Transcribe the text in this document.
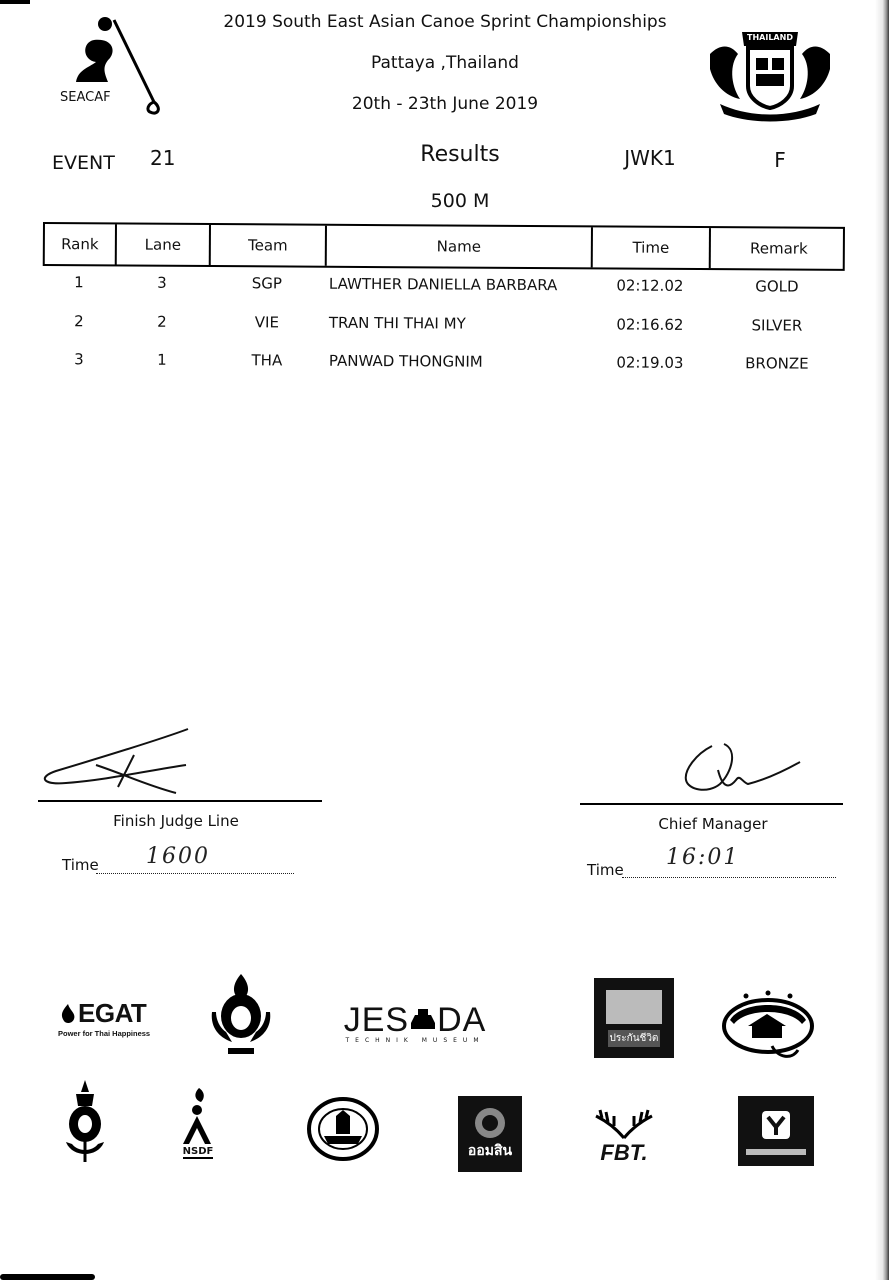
SEACAF
2019 South East Asian Canoe Sprint Championships
Pattaya ,Thailand
20th - 23th June 2019
THAILAND
EVENT 21	Results	JWK1	F
500 M
Rank	Lane	Team	Name	Time	Remark
1	3	SGP	LAWTHER DANIELLA BARBARA	02:12.02	GOLD
2	2	VIE	TRAN THI THAI MY	02:16.62	SILVER
3	1	THA	PANWAD THONGNIM	02:19.03	BRONZE
Finish Judge Line
Time 1600
Chief Manager
Time 16:01
EGAT
Power for Thai Happiness	JES DA
TECHNIK MUSEUM	ประกันชีวิต
NSDF	ออมสิน	FBT.
